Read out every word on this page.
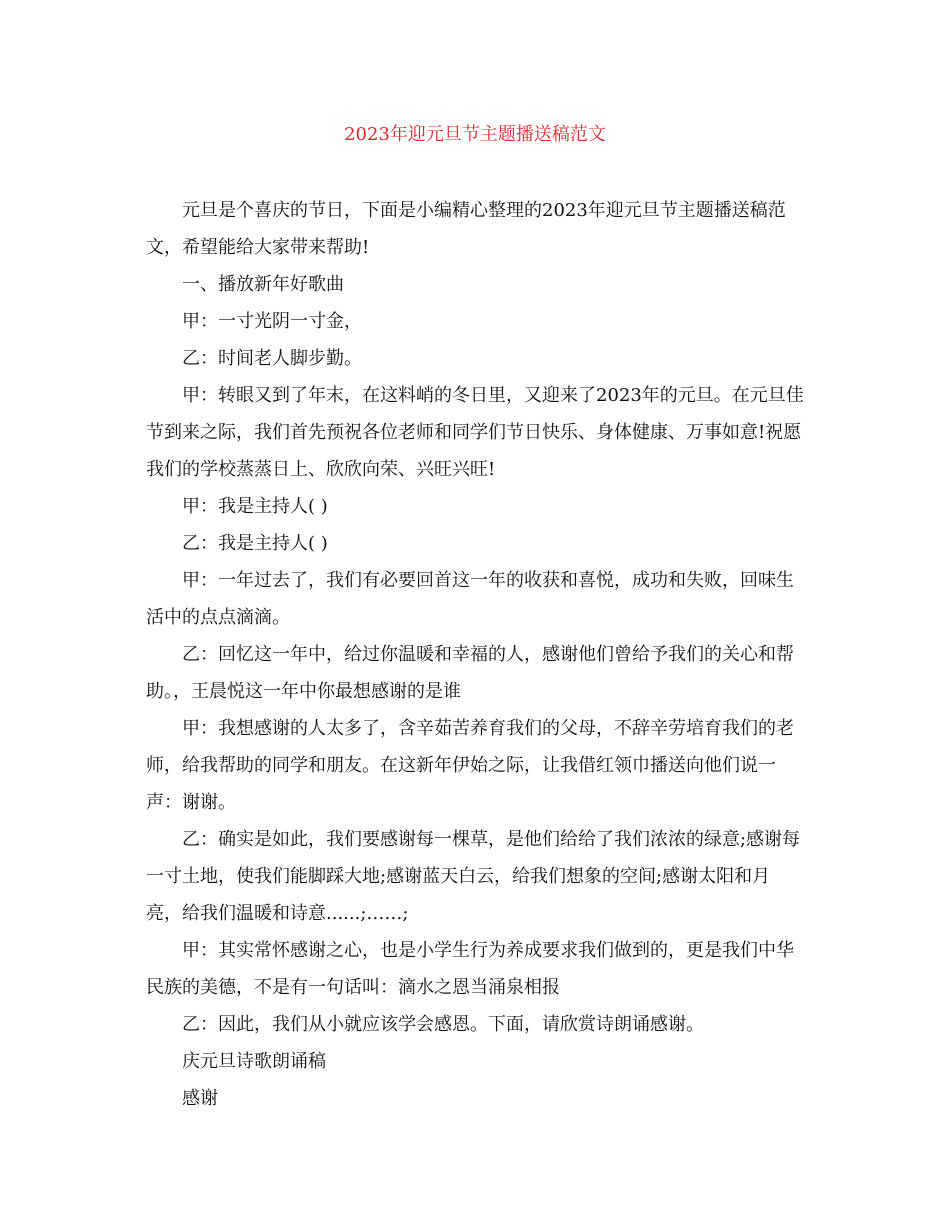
2023年迎元旦节主题播送稿范文

元旦是个喜庆的节日，下面是小编精心整理的2023年迎元旦节主题播送稿范文，希望能给大家带来帮助!

一、播放新年好歌曲

甲：一寸光阴一寸金，

乙：时间老人脚步勤。

甲：转眼又到了年末，在这料峭的冬日里，又迎来了2023年的元旦。在元旦佳节到来之际，我们首先预祝各位老师和同学们节日快乐、身体健康、万事如意!祝愿我们的学校蒸蒸日上、欣欣向荣、兴旺兴旺!

甲：我是主持人( )

乙：我是主持人( )

甲：一年过去了，我们有必要回首这一年的收获和喜悦，成功和失败，回味生活中的点点滴滴。

乙：回忆这一年中，给过你温暖和幸福的人，感谢他们曾给予我们的关心和帮助。，王晨悦这一年中你最想感谢的是谁

甲：我想感谢的人太多了，含辛茹苦养育我们的父母，不辞辛劳培育我们的老师，给我帮助的同学和朋友。在这新年伊始之际，让我借红领巾播送向他们说一声：谢谢。

乙：确实是如此，我们要感谢每一棵草，是他们给给了我们浓浓的绿意;感谢每一寸土地，使我们能脚踩大地;感谢蓝天白云，给我们想象的空间;感谢太阳和月亮，给我们温暖和诗意......;……;

甲：其实常怀感谢之心，也是小学生行为养成要求我们做到的，更是我们中华民族的美德，不是有一句话叫：滴水之恩当涌泉相报

乙：因此，我们从小就应该学会感恩。下面，请欣赏诗朗诵感谢。

庆元旦诗歌朗诵稿

感谢
